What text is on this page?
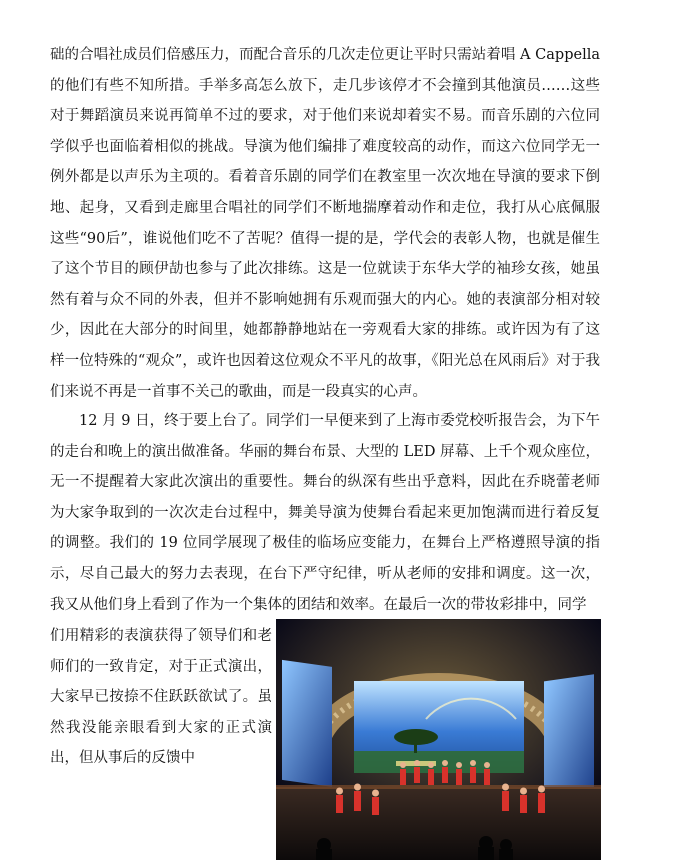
础的合唱社成员们倍感压力，而配合音乐的几次走位更让平时只需站着唱 A Cappella 的他们有些不知所措。手举多高怎么放下，走几步该停才不会撞到其他演员……这些对于舞蹈演员来说再简单不过的要求，对于他们来说却着实不易。而音乐剧的六位同学似乎也面临着相似的挑战。导演为他们编排了难度较高的动作，而这六位同学无一例外都是以声乐为主项的。看着音乐剧的同学们在教室里一次次地在导演的要求下倒地、起身，又看到走廊里合唱社的同学们不断地揣摩着动作和走位，我打从心底佩服这些“90后”，谁说他们吃不了苦呢？值得一提的是，学代会的表彰人物，也就是催生了这个节目的顾伊劼也参与了此次排练。这是一位就读于东华大学的袖珍女孩，她虽然有着与众不同的外表，但并不影响她拥有乐观而强大的内心。她的表演部分相对较少，因此在大部分的时间里，她都静静地站在一旁观看大家的排练。或许因为有了这样一位特殊的“观众”，或许也因着这位观众不平凡的故事，《阳光总在风雨后》对于我们来说不再是一首事不关己的歌曲，而是一段真实的心声。

12 月 9 日，终于要上台了。同学们一早便来到了上海市委党校听报告会，为下午的走台和晚上的演出做准备。华丽的舞台布景、大型的 LED 屏幕、上千个观众座位，无一不提醒着大家此次演出的重要性。舞台的纵深有些出乎意料，因此在乔晓蕾老师为大家争取到的一次次走台过程中，舞美导演为使舞台看起来更加饱满而进行着反复的调整。我们的 19 位同学展现了极佳的临场应变能力，在舞台上严格遵照导演的指示，尽自己最大的努力去表现，在台下严守纪律，听从老师的安排和调度。这一次，我又从他们身上看到了作为一个集体的团结和效率。在最后一次的带妆彩排中，同学

们用精彩的表演获得了领导们和老师们的一致肯定，对于正式演出，大家早已按捺不住跃跃欲试了。虽然我没能亲眼看到大家的正式演出，但从事后的反馈中
